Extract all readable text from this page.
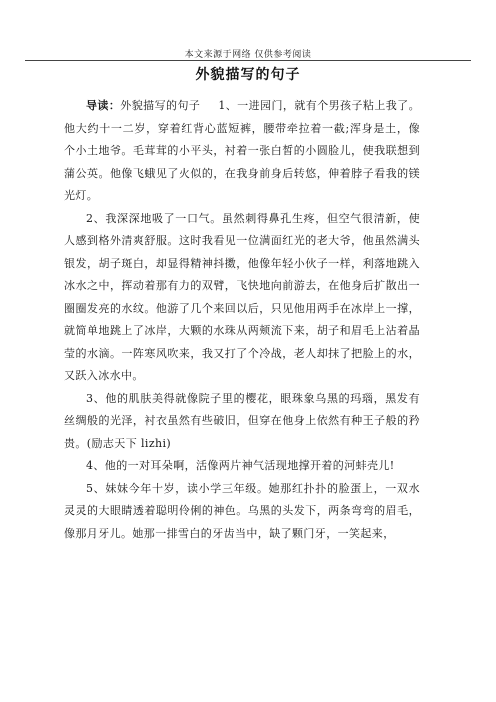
本文来源于网络 仅供参考阅读
外貌描写的句子

导读：外貌描写的句子 1、一进园门，就有个男孩子粘上我了。他大约十一二岁，穿着红背心蓝短裤，腰带牵拉着一截;浑身是土，像个小土地爷。毛茸茸的小平头，衬着一张白皙的小圆脸儿，使我联想到蒲公英。他像飞蛾见了火似的，在我身前身后转悠，伸着脖子看我的镁光灯。

2、我深深地吸了一口气。虽然刺得鼻孔生疼，但空气很清新，使人感到格外清爽舒服。这时我看见一位满面红光的老大爷，他虽然满头银发，胡子斑白，却显得精神抖擞，他像年轻小伙子一样，利落地跳入冰水之中，挥动着那有力的双臂，飞快地向前游去，在他身后扩散出一圈圈发亮的水纹。他游了几个来回以后，只见他用两手在冰岸上一撑，就简单地跳上了冰岸，大颗的水珠从两颊流下来，胡子和眉毛上沾着晶莹的水滴。一阵寒风吹来，我又打了个冷战，老人却抹了把脸上的水，又跃入冰水中。

3、他的肌肤美得就像院子里的樱花，眼珠象乌黑的玛瑙，黑发有丝绸般的光泽，衬衣虽然有些破旧，但穿在他身上依然有种王子般的矜贵。(励志天下 lizhi)

4、他的一对耳朵啊，活像两片神气活现地撑开着的河蚌壳儿!

5、妹妹今年十岁，读小学三年级。她那红扑扑的脸蛋上，一双水灵灵的大眼睛透着聪明伶俐的神色。乌黑的头发下，两条弯弯的眉毛，像那月牙儿。她那一排雪白的牙齿当中，缺了颗门牙，一笑起来，
